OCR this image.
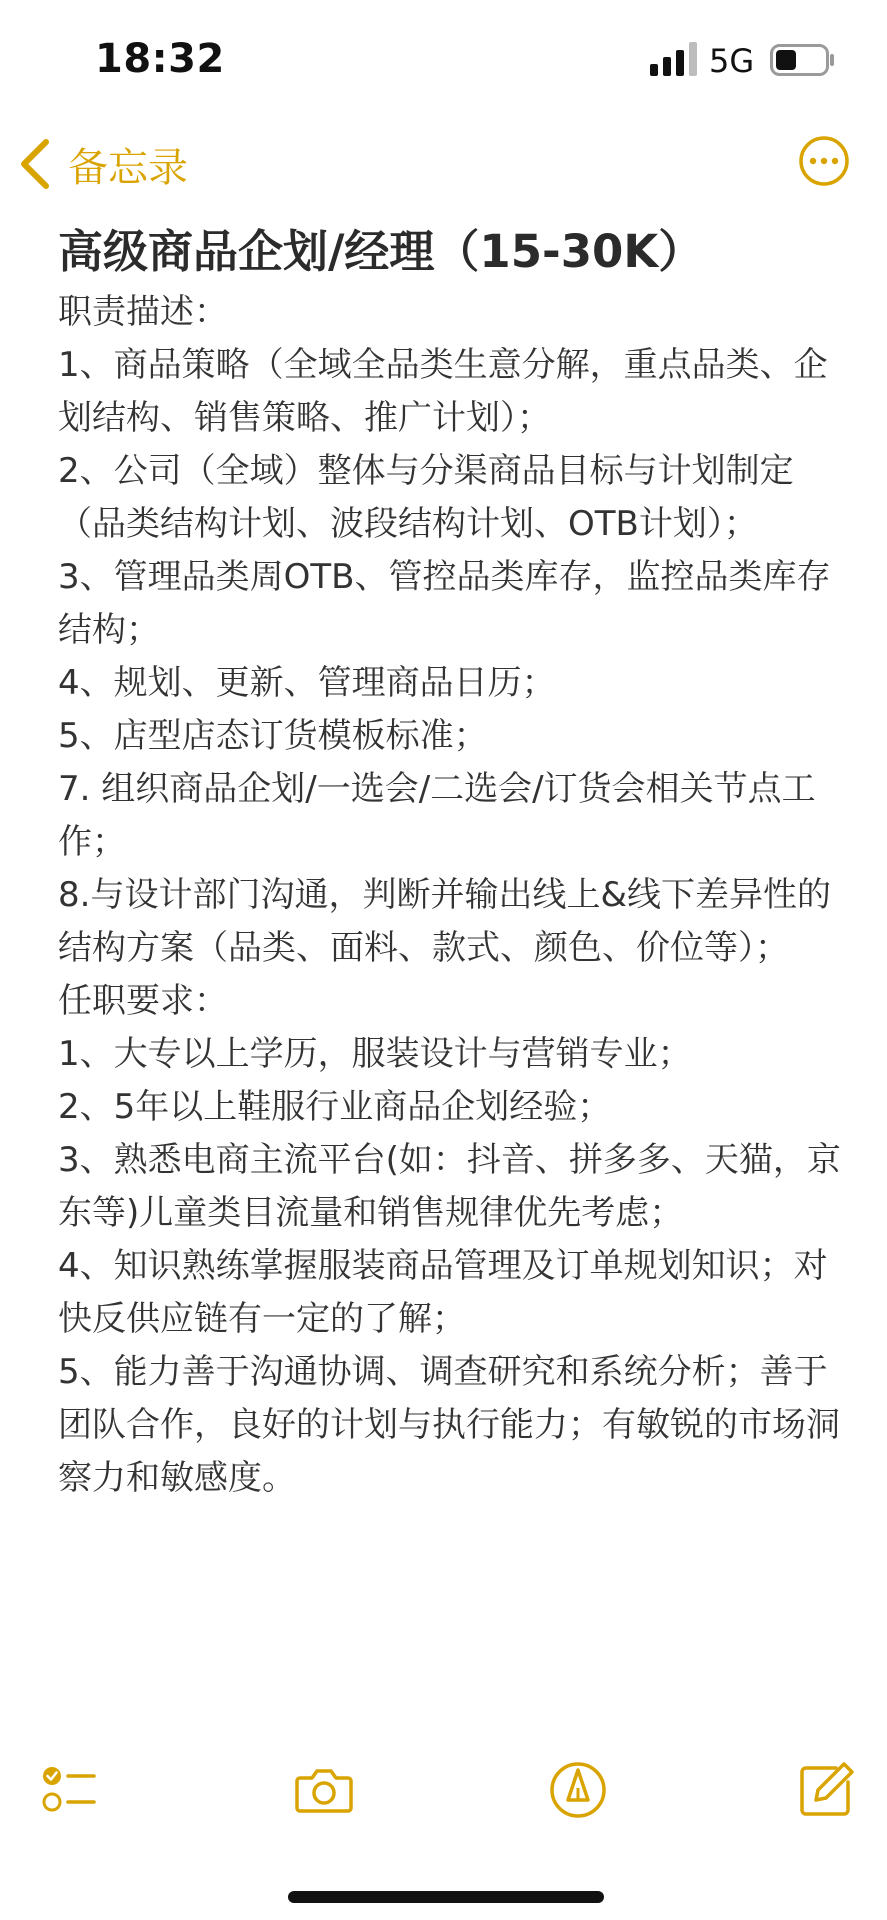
18:32	5G
备忘录
高级商品企划/经理（15-30K）

职责描述：

1、商品策略（全域全品类生意分解，重点品类、企划结构、销售策略、推广计划）；

2、公司（全域）整体与分渠商品目标与计划制定（品类结构计划、波段结构计划、OTB计划）；

3、管理品类周OTB、管控品类库存，监控品类库存结构；

4、规划、更新、管理商品日历；

5、店型店态订货模板标准；

7. 组织商品企划/一选会/二选会/订货会相关节点工作；

8.与设计部门沟通，判断并输出线上&线下差异性的结构方案（品类、面料、款式、颜色、价位等）；

任职要求：

1、大专以上学历，服装设计与营销专业；

2、5年以上鞋服行业商品企划经验；

3、熟悉电商主流平台(如：抖音、拼多多、天猫，京东等)儿童类目流量和销售规律优先考虑；

4、知识熟练掌握服装商品管理及订单规划知识；对快反供应链有一定的了解；

5、能力善于沟通协调、调查研究和系统分析；善于团队合作，良好的计划与执行能力；有敏锐的市场洞察力和敏感度。
